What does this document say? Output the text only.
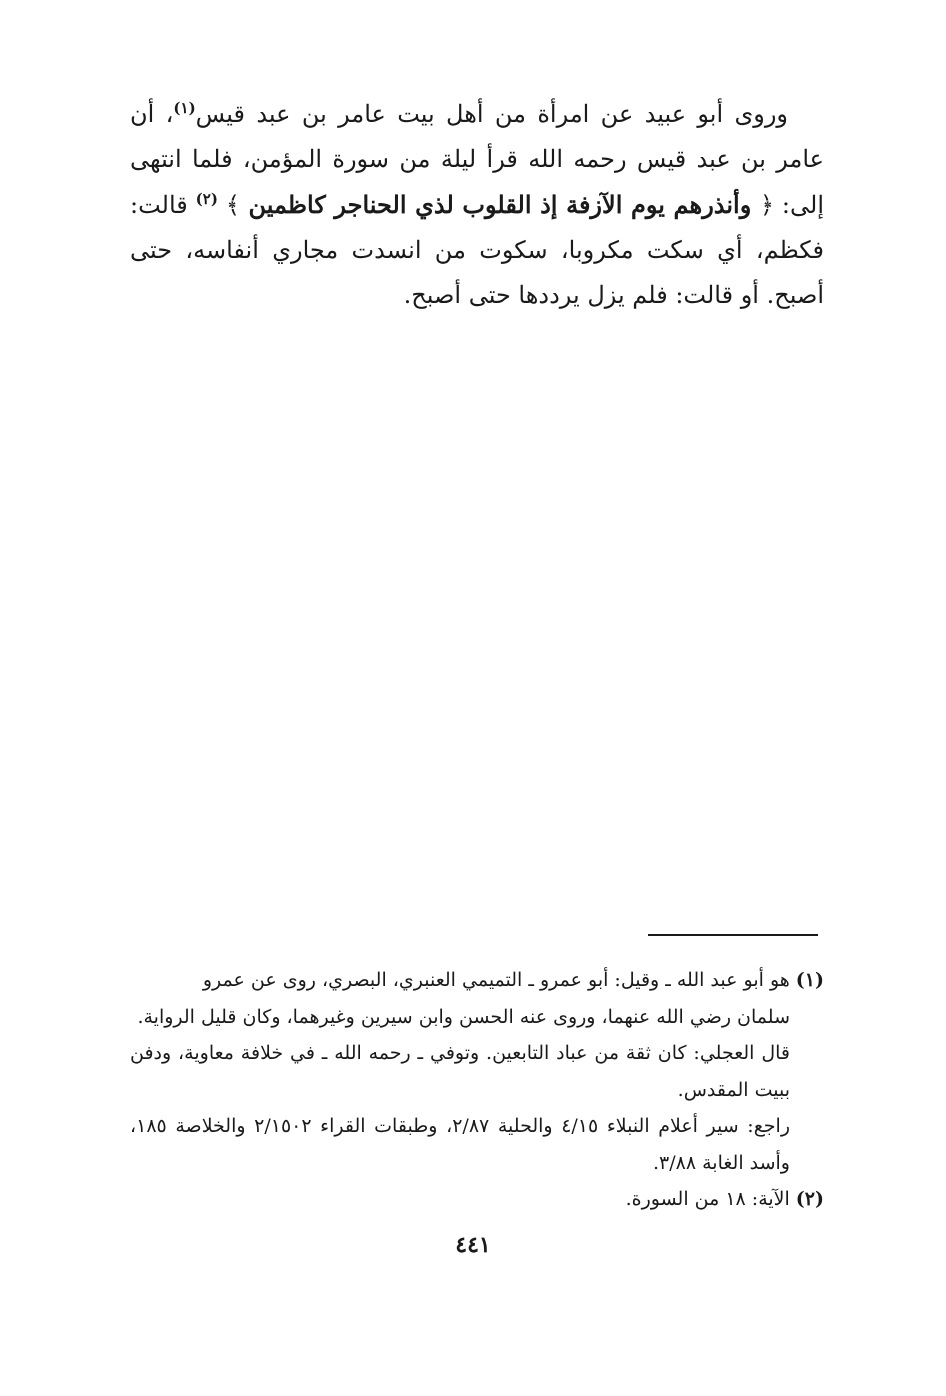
وروى أبو عبيد عن امرأة من أهل بيت عامر بن عبد قيس$^{(١)}$، أن عامر بن عبد قيس رحمه الله قرأ ليلة من سورة المؤمن، فلما انتهى إلى: ﴿ وأنذرهم يوم الآزفة إذ القلوب لذي الحناجر كاظمين ﴾ $^{(٢)}$ قالت: فكظم، أي سكت مكروبا، سكوت من انسدت مجاري أنفاسه، حتى أصبح. أو قالت: فلم يزل يرددها حتى أصبح.

(١)هو أبو عبد الله ـ وقيل: أبو عمرو ـ التميمي العنبري، البصري، روى عن عمرو
سلمان رضي الله عنهما، وروى عنه الحسن وابن سيرين وغيرهما، وكان قليل الرواية.
قال العجلي: كان ثقة من عباد التابعين. وتوفي ـ رحمه الله ـ في خلافة معاوية، ودفن ببيت المقدس.
راجع: سير أعلام النبلاء ٤/١٥ والحلية ٢/٨٧، وطبقات القراء ٢/١٥٠٢ والخلاصة ١٨٥، وأسد الغابة ٣/٨٨.

(٢)الآية: ١٨ من السورة.

٤٤١
